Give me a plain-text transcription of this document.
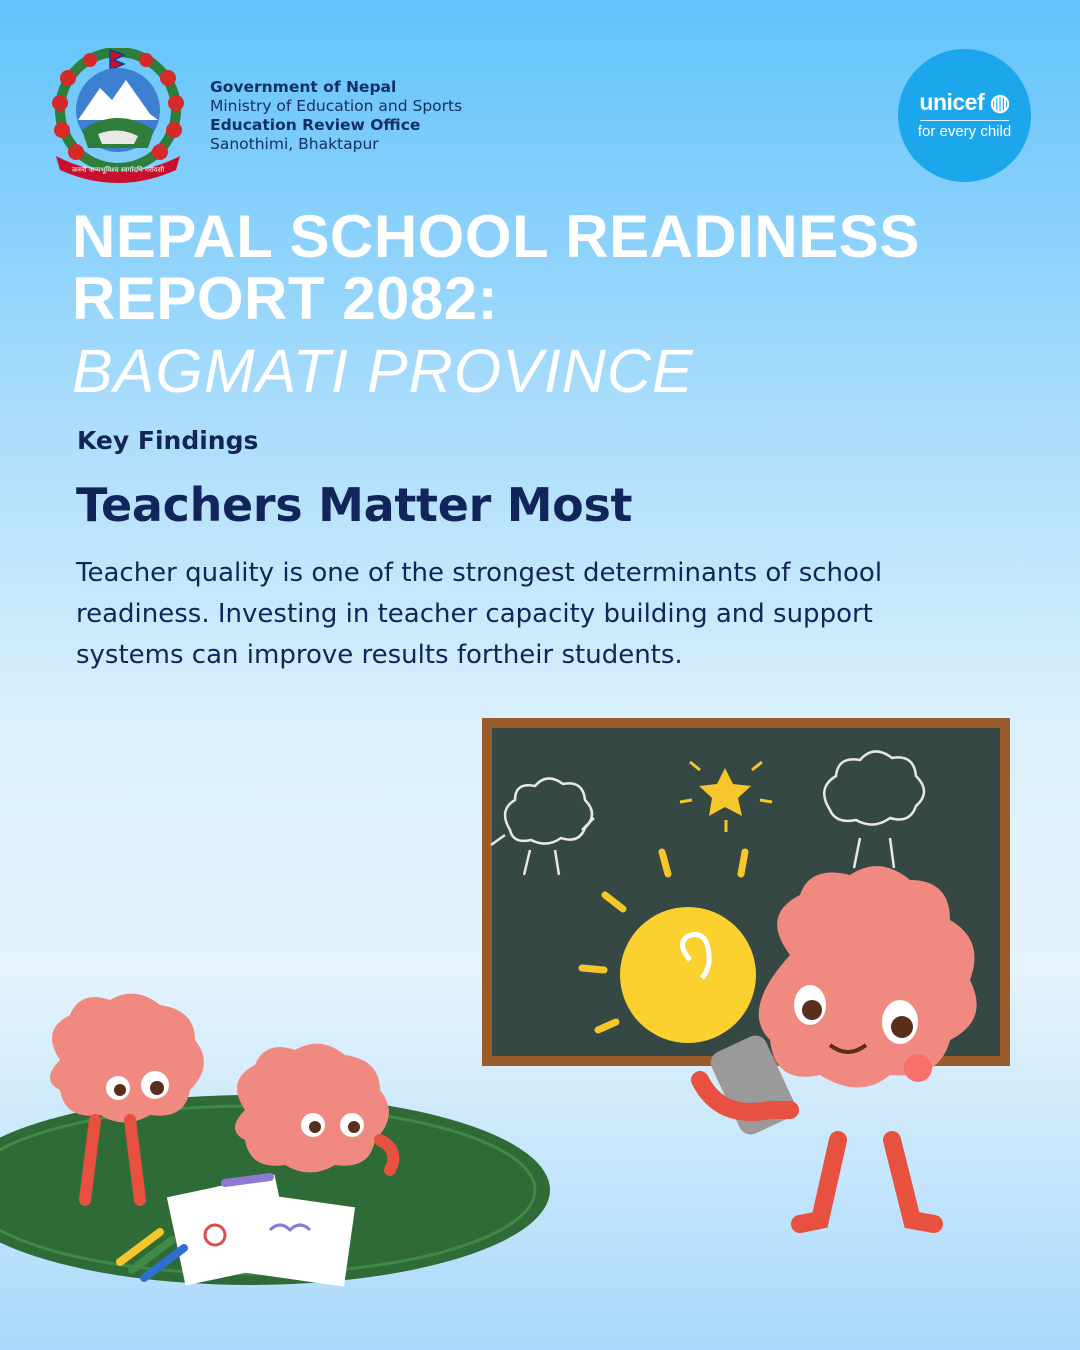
जननी जन्मभूमिश्च स्वर्गादपि गरीयसी
Government of Nepal
Ministry of Education and Sports
Education Review Office
Sanothimi, Bhaktapur
unicef ◍
for every child
NEPAL SCHOOL READINESS
REPORT 2082:
BAGMATI PROVINCE
Key Findings
Teachers Matter Most
Teacher quality is one of the strongest determinants of school
readiness. Investing in teacher capacity building and support
systems can improve results fortheir students.
